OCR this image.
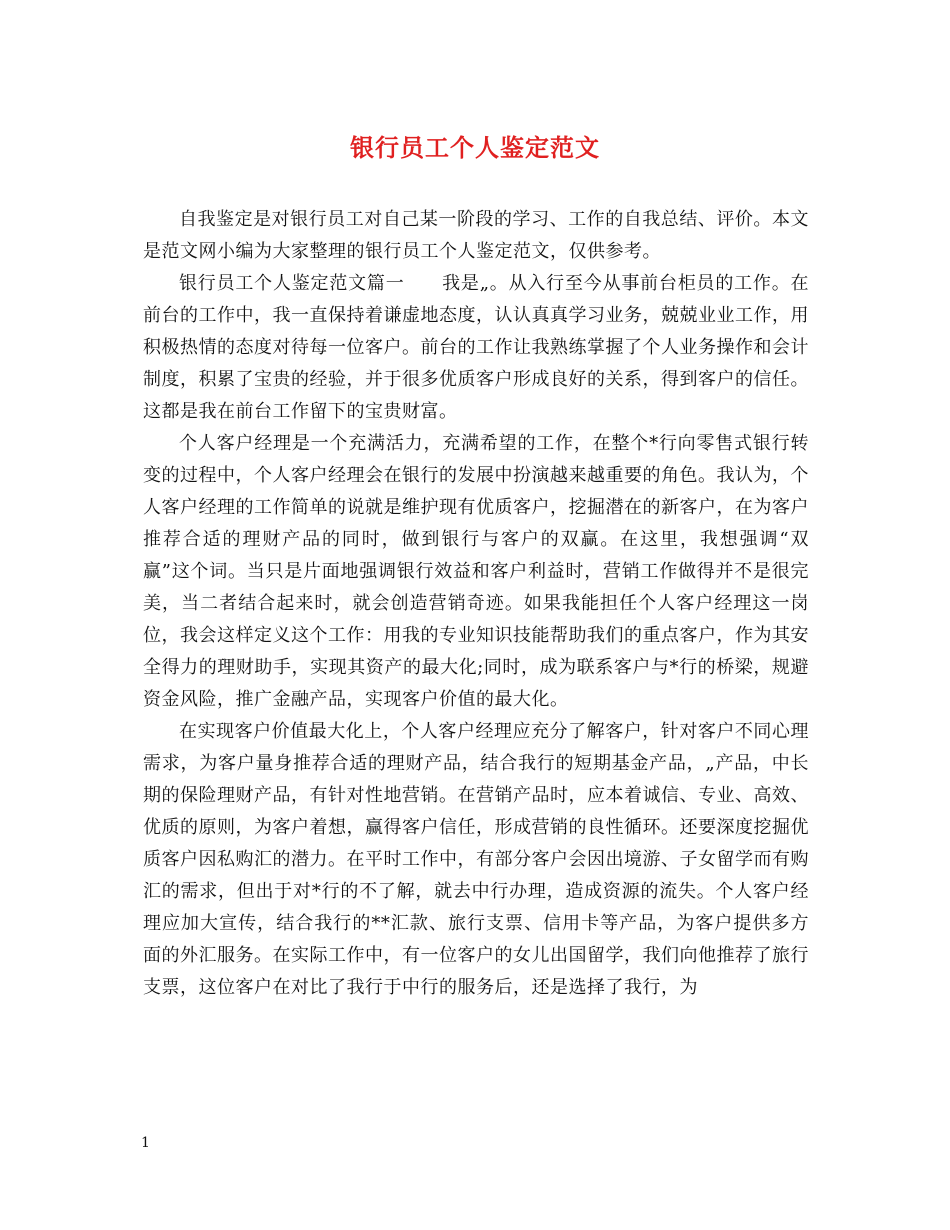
银行员工个人鉴定范文

自我鉴定是对银行员工对自己某一阶段的学习、工作的自我总结、评价。本文是范文网小编为大家整理的银行员工个人鉴定范文，仅供参考。

银行员工个人鉴定范文篇一　　我是„。从入行至今从事前台柜员的工作。在前台的工作中，我一直保持着谦虚地态度，认认真真学习业务，兢兢业业工作，用积极热情的态度对待每一位客户。前台的工作让我熟练掌握了个人业务操作和会计制度，积累了宝贵的经验，并于很多优质客户形成良好的关系，得到客户的信任。这都是我在前台工作留下的宝贵财富。

个人客户经理是一个充满活力，充满希望的工作，在整个*行向零售式银行转变的过程中，个人客户经理会在银行的发展中扮演越来越重要的角色。我认为，个人客户经理的工作简单的说就是维护现有优质客户，挖掘潜在的新客户，在为客户推荐合适的理财产品的同时，做到银行与客户的双赢。在这里，我想强调“双赢”这个词。当只是片面地强调银行效益和客户利益时，营销工作做得并不是很完美，当二者结合起来时，就会创造营销奇迹。如果我能担任个人客户经理这一岗位，我会这样定义这个工作：用我的专业知识技能帮助我们的重点客户，作为其安全得力的理财助手，实现其资产的最大化;同时，成为联系客户与*行的桥梁，规避资金风险，推广金融产品，实现客户价值的最大化。

在实现客户价值最大化上，个人客户经理应充分了解客户，针对客户不同心理需求，为客户量身推荐合适的理财产品，结合我行的短期基金产品，„产品，中长期的保险理财产品，有针对性地营销。在营销产品时，应本着诚信、专业、高效、优质的原则，为客户着想，赢得客户信任，形成营销的良性循环。还要深度挖掘优质客户因私购汇的潜力。在平时工作中，有部分客户会因出境游、子女留学而有购汇的需求，但出于对*行的不了解，就去中行办理，造成资源的流失。个人客户经理应加大宣传，结合我行的**汇款、旅行支票、信用卡等产品，为客户提供多方面的外汇服务。在实际工作中，有一位客户的女儿出国留学，我们向他推荐了旅行支票，这位客户在对比了我行于中行的服务后，还是选择了我行，为

1
